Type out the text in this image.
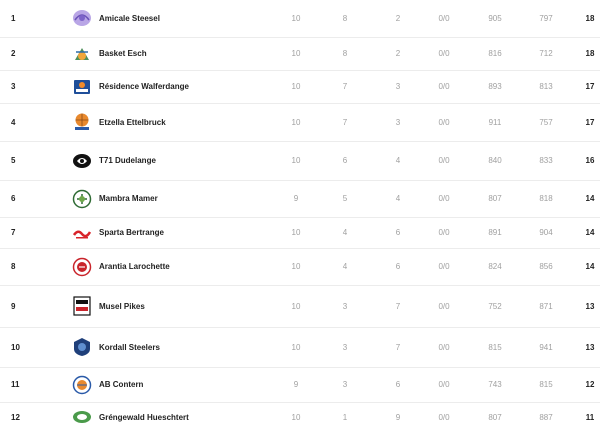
1		Amicale Steesel	10	8	2	0/0	905	797	18
2		Basket Esch	10	8	2	0/0	816	712	18
3		Résidence Walferdange	10	7	3	0/0	893	813	17
4		Etzella Ettelbruck	10	7	3	0/0	911	757	17
5		T71 Dudelange	10	6	4	0/0	840	833	16
6		Mambra Mamer	9	5	4	0/0	807	818	14
7		Sparta Bertrange	10	4	6	0/0	891	904	14
8		Arantia Larochette	10	4	6	0/0	824	856	14
9		Musel Pikes	10	3	7	0/0	752	871	13
10		Kordall Steelers	10	3	7	0/0	815	941	13
11		AB Contern	9	3	6	0/0	743	815	12
12		Gréngewald Hueschtert	10	1	9	0/0	807	887	11
